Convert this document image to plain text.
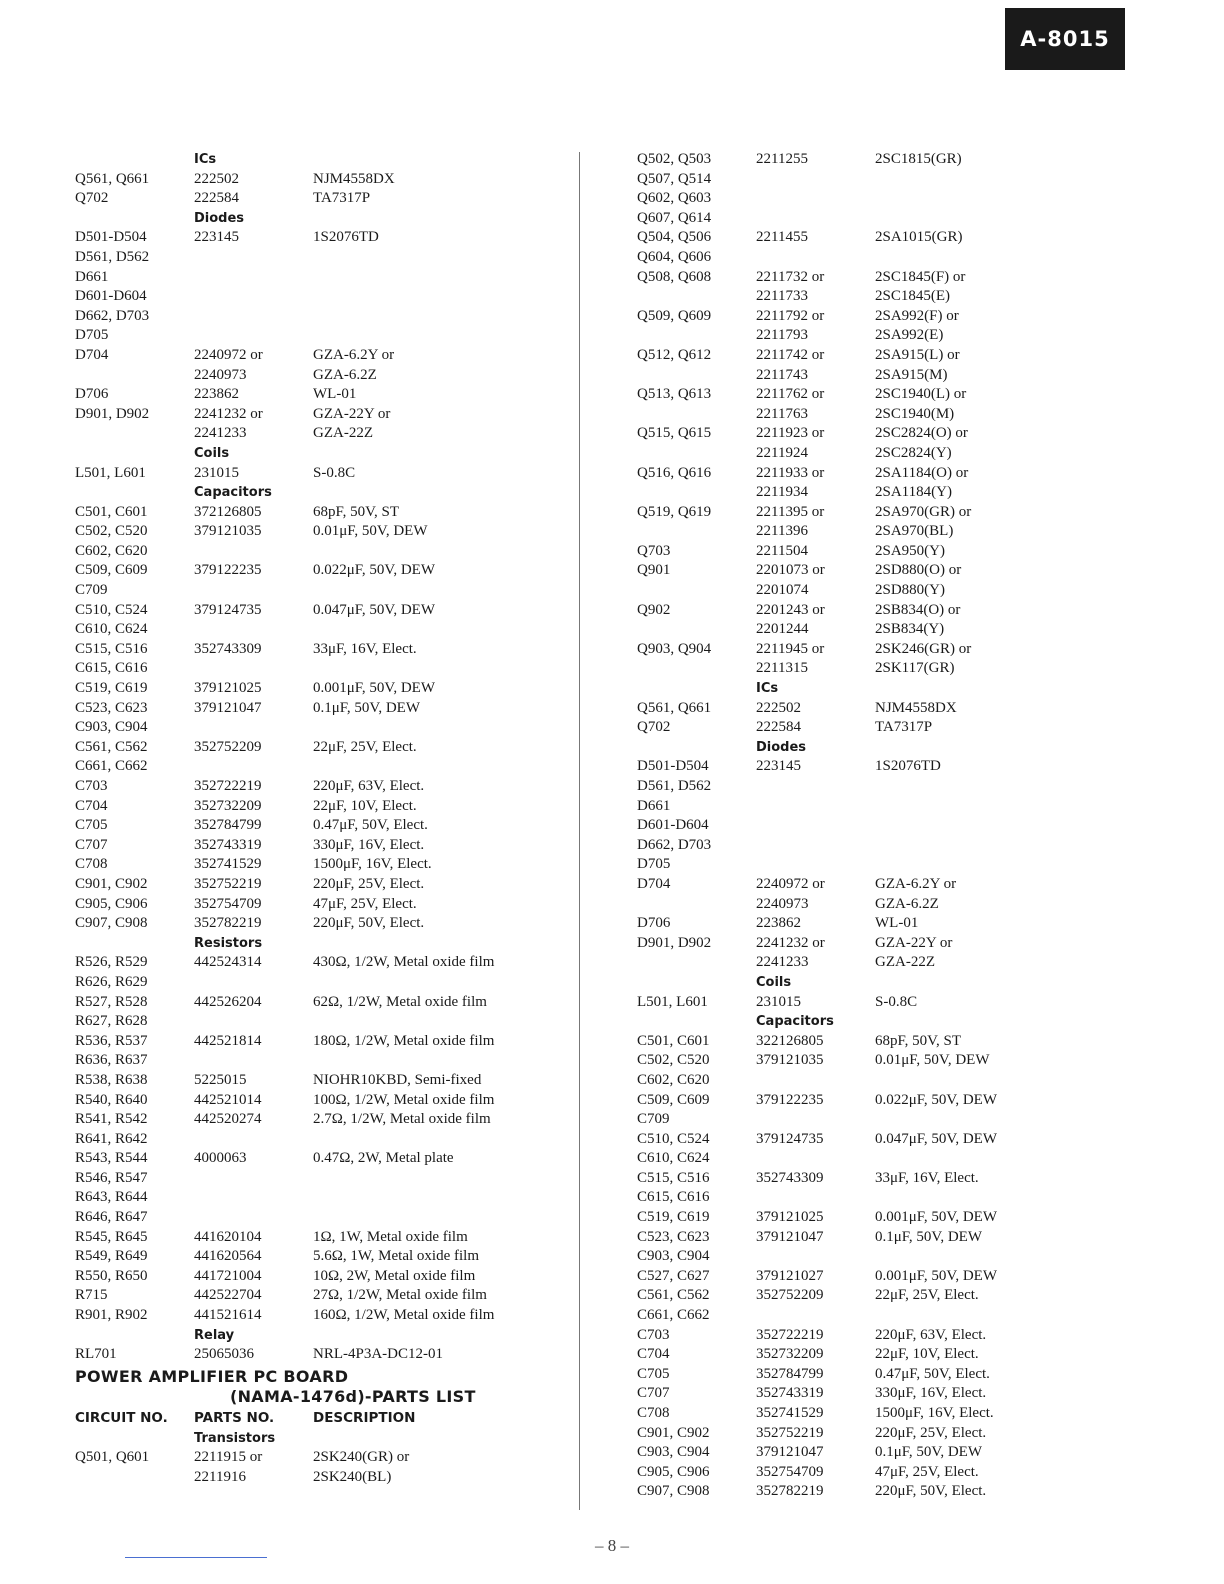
A-8015
ICs
Q561, Q661	222502	NJM4558DX
Q702	222584	TA7317P
Diodes
D501-D504	223145	1S2076TD
D561, D562
D661
D601-D604
D662, D703
D705
D704	2240972 or	GZA-6.2Y or
2240973	GZA-6.2Z
D706	223862	WL-01
D901, D902	2241232 or	GZA-22Y or
2241233	GZA-22Z
Coils
L501, L601	231015	S-0.8C
Capacitors
C501, C601	372126805	68pF, 50V, ST
C502, C520	379121035	0.01μF, 50V, DEW
C602, C620
C509, C609	379122235	0.022μF, 50V, DEW
C709
C510, C524	379124735	0.047μF, 50V, DEW
C610, C624
C515, C516	352743309	33μF, 16V, Elect.
C615, C616
C519, C619	379121025	0.001μF, 50V, DEW
C523, C623	379121047	0.1μF, 50V, DEW
C903, C904
C561, C562	352752209	22μF, 25V, Elect.
C661, C662
C703	352722219	220μF, 63V, Elect.
C704	352732209	22μF, 10V, Elect.
C705	352784799	0.47μF, 50V, Elect.
C707	352743319	330μF, 16V, Elect.
C708	352741529	1500μF, 16V, Elect.
C901, C902	352752219	220μF, 25V, Elect.
C905, C906	352754709	47μF, 25V, Elect.
C907, C908	352782219	220μF, 50V, Elect.
Resistors
R526, R529	442524314	430Ω, 1/2W, Metal oxide film
R626, R629
R527, R528	442526204	62Ω, 1/2W, Metal oxide film
R627, R628
R536, R537	442521814	180Ω, 1/2W, Metal oxide film
R636, R637
R538, R638	5225015	NIOHR10KBD, Semi-fixed
R540, R640	442521014	100Ω, 1/2W, Metal oxide film
R541, R542	442520274	2.7Ω, 1/2W, Metal oxide film
R641, R642
R543, R544	4000063	0.47Ω, 2W, Metal plate
R546, R547
R643, R644
R646, R647
R545, R645	441620104	1Ω, 1W, Metal oxide film
R549, R649	441620564	5.6Ω, 1W, Metal oxide film
R550, R650	441721004	10Ω, 2W, Metal oxide film
R715	442522704	27Ω, 1/2W, Metal oxide film
R901, R902	441521614	160Ω, 1/2W, Metal oxide film
Relay
RL701	25065036	NRL-4P3A-DC12-01
POWER AMPLIFIER PC BOARD
(NAMA-1476d)-PARTS LIST
CIRCUIT NO.	PARTS NO.	DESCRIPTION
Transistors
Q501, Q601	2211915 or	2SK240(GR) or
2211916	2SK240(BL)
Q502, Q503	2211255	2SC1815(GR)
Q507, Q514
Q602, Q603
Q607, Q614
Q504, Q506	2211455	2SA1015(GR)
Q604, Q606
Q508, Q608	2211732 or	2SC1845(F) or
2211733	2SC1845(E)
Q509, Q609	2211792 or	2SA992(F) or
2211793	2SA992(E)
Q512, Q612	2211742 or	2SA915(L) or
2211743	2SA915(M)
Q513, Q613	2211762 or	2SC1940(L) or
2211763	2SC1940(M)
Q515, Q615	2211923 or	2SC2824(O) or
2211924	2SC2824(Y)
Q516, Q616	2211933 or	2SA1184(O) or
2211934	2SA1184(Y)
Q519, Q619	2211395 or	2SA970(GR) or
2211396	2SA970(BL)
Q703	2211504	2SA950(Y)
Q901	2201073 or	2SD880(O) or
2201074	2SD880(Y)
Q902	2201243 or	2SB834(O) or
2201244	2SB834(Y)
Q903, Q904	2211945 or	2SK246(GR) or
2211315	2SK117(GR)
ICs
Q561, Q661	222502	NJM4558DX
Q702	222584	TA7317P
Diodes
D501-D504	223145	1S2076TD
D561, D562
D661
D601-D604
D662, D703
D705
D704	2240972 or	GZA-6.2Y or
2240973	GZA-6.2Z
D706	223862	WL-01
D901, D902	2241232 or	GZA-22Y or
2241233	GZA-22Z
Coils
L501, L601	231015	S-0.8C
Capacitors
C501, C601	322126805	68pF, 50V, ST
C502, C520	379121035	0.01μF, 50V, DEW
C602, C620
C509, C609	379122235	0.022μF, 50V, DEW
C709
C510, C524	379124735	0.047μF, 50V, DEW
C610, C624
C515, C516	352743309	33μF, 16V, Elect.
C615, C616
C519, C619	379121025	0.001μF, 50V, DEW
C523, C623	379121047	0.1μF, 50V, DEW
C903, C904
C527, C627	379121027	0.001μF, 50V, DEW
C561, C562	352752209	22μF, 25V, Elect.
C661, C662
C703	352722219	220μF, 63V, Elect.
C704	352732209	22μF, 10V, Elect.
C705	352784799	0.47μF, 50V, Elect.
C707	352743319	330μF, 16V, Elect.
C708	352741529	1500μF, 16V, Elect.
C901, C902	352752219	220μF, 25V, Elect.
C903, C904	379121047	0.1μF, 50V, DEW
C905, C906	352754709	47μF, 25V, Elect.
C907, C908	352782219	220μF, 50V, Elect.
– 8 –
